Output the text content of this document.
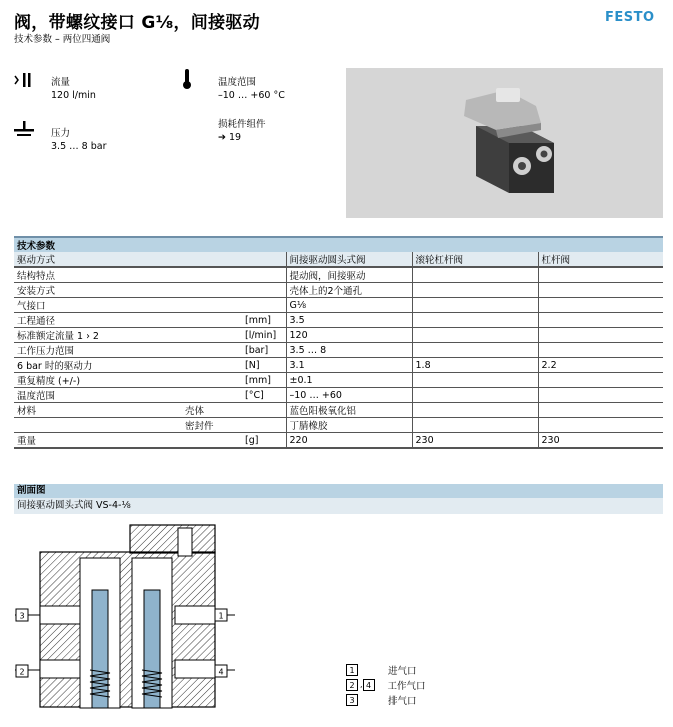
阀，带螺纹接口 G⅛，间接驱动
技术参数 – 两位四通阀
FESTO
流量
120 l/min
压力
3.5 … 8 bar
温度范围
–10 … +60 °C
损耗件组件
➔ 19
技术参数					
驱动方式			间接驱动圆头式阀	滚轮杠杆阀	杠杆阀
结构特点			提动阀，间接驱动		
安装方式			壳体上的2个通孔		
气接口			G⅛		
工程通径		[mm]	3.5		
标准额定流量 1 › 2		[l/min]	120		
工作压力范围		[bar]	3.5 … 8		
6 bar 时的驱动力		[N]	3.1	1.8	2.2
重复精度 (+/-)		[mm]	±0.1		
温度范围		[°C]	–10 … +60		
材料	壳体		蓝色阳极氧化铝		
	密封件		丁腈橡胶		
重量		[g]	220	230	230
剖面图
间接驱动圆头式阀 VS-4-⅛
3	1
2	4	1	进气口
2 , 4	工作气口
3	排气口
